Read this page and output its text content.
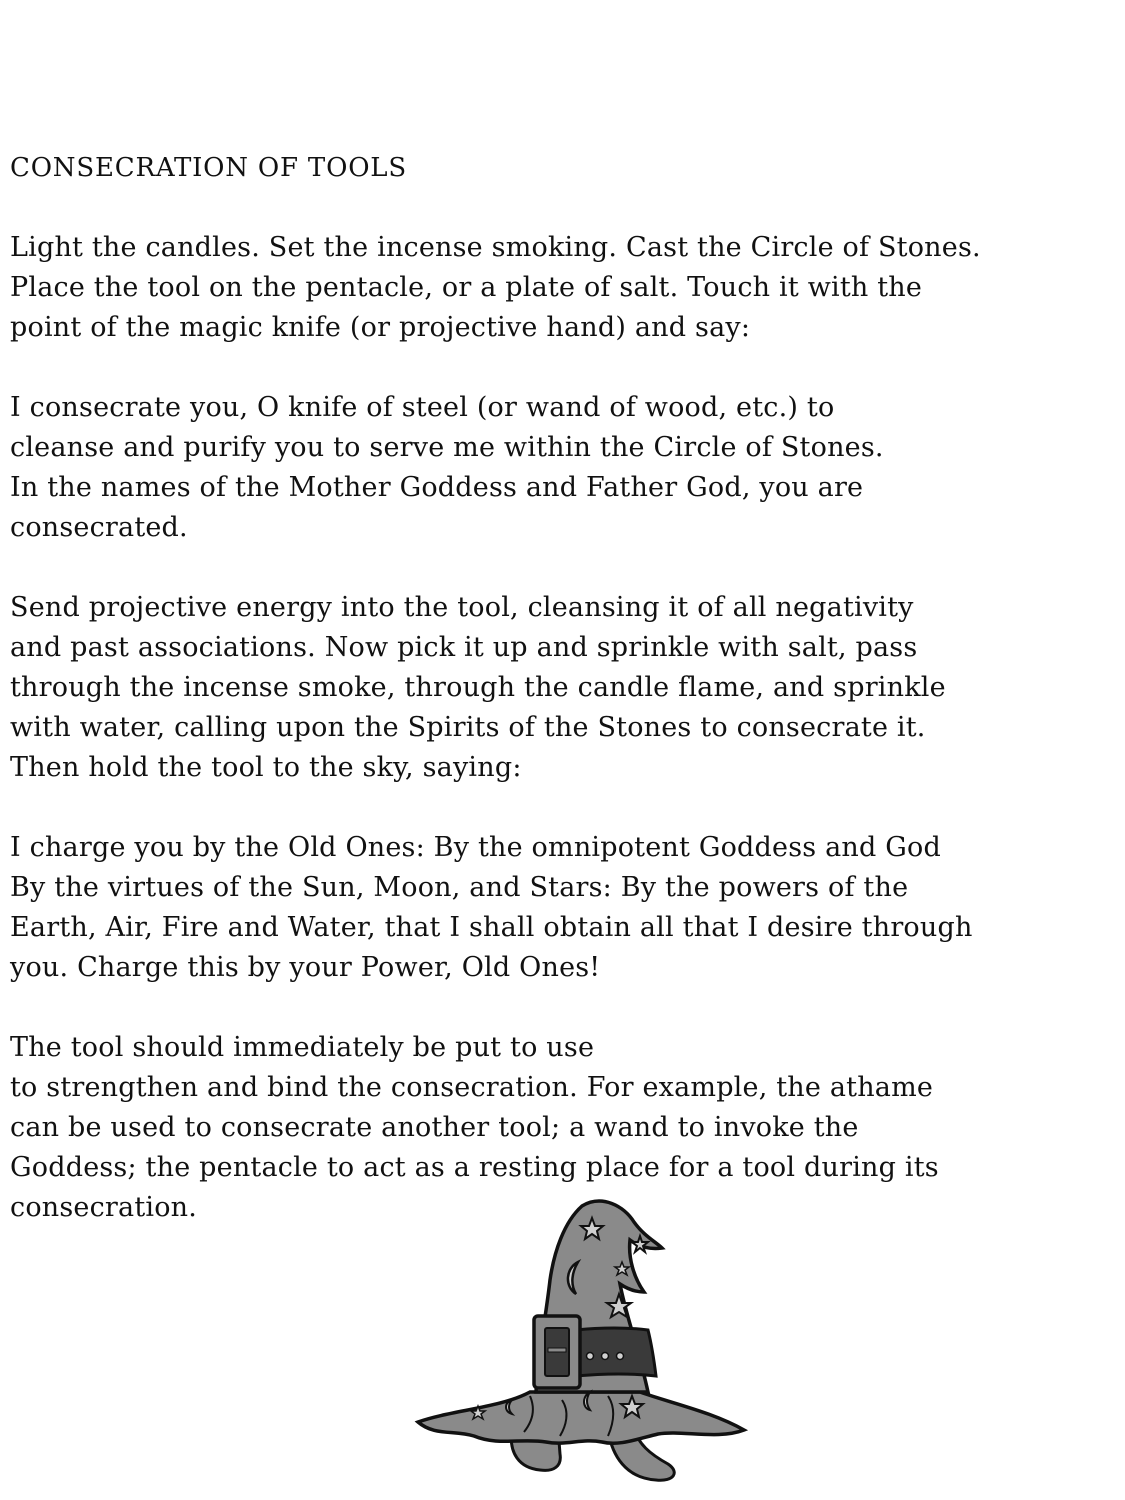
CONSECRATION OF TOOLS
Light the candles. Set the incense smoking. Cast the Circle of Stones.
Place the tool on the pentacle, or a plate of salt. Touch it with the
point of the magic knife (or projective hand) and say:
I consecrate you, O knife of steel (or wand of wood, etc.) to
cleanse and purify you to serve me within the Circle of Stones.
In the names of the Mother Goddess and Father God, you are
consecrated.
Send projective energy into the tool, cleansing it of all negativity
and past associations. Now pick it up and sprinkle with salt, pass
through the incense smoke, through the candle flame, and sprinkle
with water, calling upon the Spirits of the Stones to consecrate it.
Then hold the tool to the sky, saying:
I charge you by the Old Ones: By the omnipotent Goddess and God
By the virtues of the Sun, Moon, and Stars: By the powers of the
Earth, Air, Fire and Water, that I shall obtain all that I desire through
you. Charge this by your Power, Old Ones!
The tool should immediately be put to use
to strengthen and bind the consecration. For example, the athame
can be used to consecrate another tool; a wand to invoke the
Goddess; the pentacle to act as a resting place for a tool during its
consecration.
